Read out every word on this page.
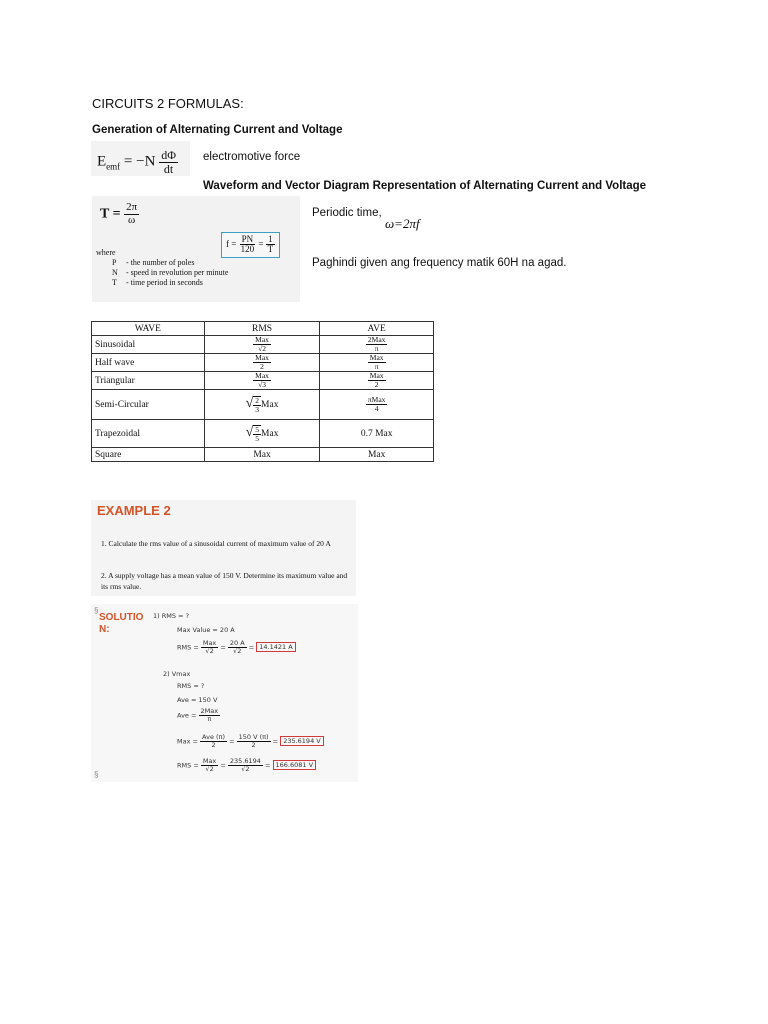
CIRCUITS 2 FORMULAS:
Generation of Alternating Current and Voltage
$E_{emf} = -N \frac{d\Phi}{dt}$ electromotive force
Waveform and Vector Diagram Representation of Alternating Current and Voltage
$T = \frac{2\pi}{\omega}$
$f = \frac{PN}{120} = \frac{1}{T}$
where
P - the number of poles
N - speed in revolution per minute
T - time period in seconds
Periodic time,
ω=2πf
Paghindi given ang frequency matik 60H na agad.
WAVE	RMS	AVE
Sinusoidal	$\frac{\text{Max}}{√2}$	$\frac{\text{2Max}}{\pi}$

Half wave	$\frac{\text{Max}}{2}$	$\frac{\text{Max}}{\pi}$

Triangular	$\frac{\text{Max}}{√3}$	$\frac{\text{Max}}{2}$

Semi-Circular	√ $\frac{2}{3}$ Max	$\frac{\text{πMax}}{4}$

Trapezoidal	√ $\frac{5}{5}$ Max	0.7 Max
Square	Max	Max
EXAMPLE 2
1. Calculate the rms value of a sinusoidal current of maximum value of 20 A
2. A supply voltage has a mean value of 150 V. Determine its maximum value and its rms value.
§
§
SOLUTIO N:
1) RMS = ?
Max Value = 20 A
RMS = $\frac{\text{Max}}{√2} = \frac{20 A}{√2} = 14.1421$ A
2) Vmax
RMS = ?
Ave = 150 V
Ave = $\frac{\text{2Max}}{\pi}$
Max = $\frac{\text{Ave (π)}}{2} = \frac{150 V (\pi)}{2} = 235.6194$ V
RMS = $\frac{\text{Max}}{√2} = \frac{235.6194}{√2} = 166.6081$ V
